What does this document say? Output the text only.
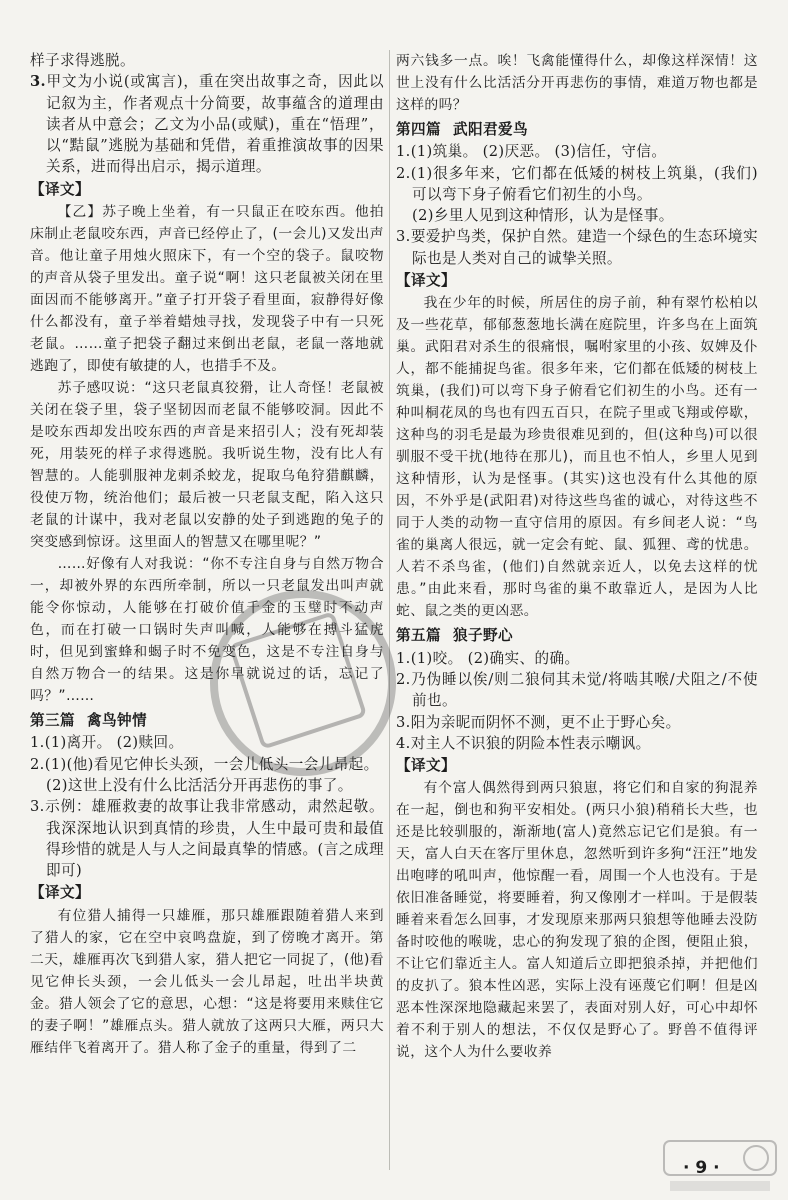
样子求得逃脱。

3.甲文为小说(或寓言)，重在突出故事之奇，因此以记叙为主，作者观点十分简要，故事蕴含的道理由读者从中意会；乙文为小品(或赋)，重在“悟理”，以“黠鼠”逃脱为基础和凭借，着重推演故事的因果关系，进而得出启示，揭示道理。

【译文】

【乙】苏子晚上坐着，有一只鼠正在咬东西。他拍床制止老鼠咬东西，声音已经停止了，(一会儿)又发出声音。他让童子用烛火照床下，有一个空的袋子。鼠咬物的声音从袋子里发出。童子说“啊！这只老鼠被关闭在里面因而不能够离开。”童子打开袋子看里面，寂静得好像什么都没有，童子举着蜡烛寻找，发现袋子中有一只死老鼠。……童子把袋子翻过来倒出老鼠，老鼠一落地就逃跑了，即使有敏捷的人，也措手不及。

苏子感叹说：“这只老鼠真狡猾，让人奇怪！老鼠被关闭在袋子里，袋子坚韧因而老鼠不能够咬洞。因此不是咬东西却发出咬东西的声音是来招引人；没有死却装死，用装死的样子求得逃脱。我听说生物，没有比人有智慧的。人能驯服神龙刺杀蛟龙，捉取乌龟狩猎麒麟，役使万物，统治他们；最后被一只老鼠支配，陷入这只老鼠的计谋中，我对老鼠以安静的处子到逃跑的兔子的突变感到惊讶。这里面人的智慧又在哪里呢？”

……好像有人对我说：“你不专注自身与自然万物合一，却被外界的东西所牵制，所以一只老鼠发出叫声就能令你惊动，人能够在打破价值千金的玉璧时不动声色，而在打破一口锅时失声叫喊，人能够在搏斗猛虎时，但见到蜜蜂和蝎子时不免变色，这是不专注自身与自然万物合一的结果。这是你早就说过的话，忘记了吗？”……

第三篇 禽鸟钟情

1.(1)离开。 (2)赎回。

2.(1)(他)看见它伸长头颈，一会儿低头一会儿昂起。

(2)这世上没有什么比活活分开再悲伤的事了。

3.示例：雄雁救妻的故事让我非常感动，肃然起敬。我深深地认识到真情的珍贵，人生中最可贵和最值得珍惜的就是人与人之间最真挚的情感。(言之成理即可)

【译文】

有位猎人捕得一只雄雁，那只雄雁跟随着猎人来到了猎人的家，它在空中哀鸣盘旋，到了傍晚才离开。第二天，雄雁再次飞到猎人家，猎人把它一同捉了，(他)看见它伸长头颈，一会儿低头一会儿昂起，吐出半块黄金。猎人领会了它的意思，心想：“这是将要用来赎住它的妻子啊！”雄雁点头。猎人就放了这两只大雁，两只大雁结伴飞着离开了。猎人称了金子的重量，得到了二

两六钱多一点。唉！飞禽能懂得什么，却像这样深情！这世上没有什么比活活分开再悲伤的事情，难道万物也都是这样的吗？

第四篇 武阳君爱鸟

1.(1)筑巢。 (2)厌恶。 (3)信任，守信。

2.(1)很多年来，它们都在低矮的树枝上筑巢，(我们)可以弯下身子俯看它们初生的小鸟。

(2)乡里人见到这种情形，认为是怪事。

3.要爱护鸟类，保护自然。建造一个绿色的生态环境实际也是人类对自己的诚挚关照。

【译文】

我在少年的时候，所居住的房子前，种有翠竹松柏以及一些花草，郁郁葱葱地长满在庭院里，许多鸟在上面筑巢。武阳君对杀生的很痛恨，嘱咐家里的小孩、奴婢及仆人，都不能捕捉鸟雀。很多年来，它们都在低矮的树枝上筑巢，(我们)可以弯下身子俯看它们初生的小鸟。还有一种叫桐花凤的鸟也有四五百只，在院子里或飞翔或停歇，这种鸟的羽毛是最为珍贵很难见到的，但(这种鸟)可以很驯服不受干扰(地待在那儿)，而且也不怕人，乡里人见到这种情形，认为是怪事。(其实)这也没有什么其他的原因，不外乎是(武阳君)对待这些鸟雀的诚心，对待这些不同于人类的动物一直守信用的原因。有乡间老人说：“鸟雀的巢离人很远，就一定会有蛇、鼠、狐狸、鸢的忧患。人若不杀鸟雀，(他们)自然就亲近人，以免去这样的忧患。”由此来看，那时鸟雀的巢不敢靠近人，是因为人比蛇、鼠之类的更凶恶。

第五篇 狼子野心

1.(1)咬。 (2)确实、的确。

2.乃伪睡以俟/则二狼伺其未觉/将啮其喉/犬阻之/不使前也。

3.阳为亲昵而阴怀不测，更不止于野心矣。

4.对主人不识狼的阴险本性表示嘲讽。

【译文】

有个富人偶然得到两只狼崽，将它们和自家的狗混养在一起，倒也和狗平安相处。(两只小狼)稍稍长大些，也还是比较驯服的，渐渐地(富人)竟然忘记它们是狼。有一天，富人白天在客厅里休息，忽然听到许多狗“汪汪”地发出咆哮的吼叫声，他惊醒一看，周围一个人也没有。于是依旧准备睡觉，将要睡着，狗又像刚才一样叫。于是假装睡着来看怎么回事，才发现原来那两只狼想等他睡去没防备时咬他的喉咙，忠心的狗发现了狼的企图，便阻止狼，不让它们靠近主人。富人知道后立即把狼杀掉，并把他们的皮扒了。狼本性凶恶，实际上没有诬蔑它们啊！但是凶恶本性深深地隐藏起来罢了，表面对别人好，可心中却怀着不利于别人的想法，不仅仅是野心了。野兽不值得评说，这个人为什么要收养

· 9 ·
